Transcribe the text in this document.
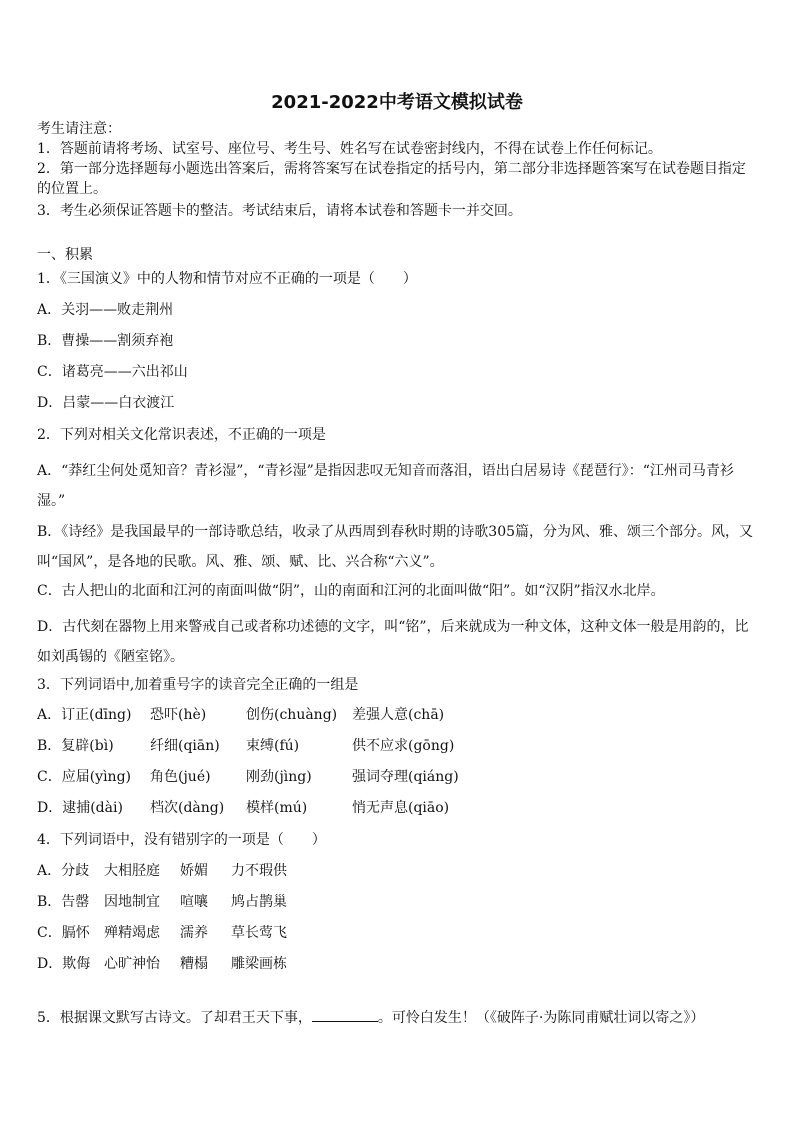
2021-2022中考语文模拟试卷
考生请注意：
1．答题前请将考场、试室号、座位号、考生号、姓名写在试卷密封线内，不得在试卷上作任何标记。
2．第一部分选择题每小题选出答案后，需将答案写在试卷指定的括号内，第二部分非选择题答案写在试卷题目指定的位置上。
3．考生必须保证答题卡的整洁。考试结束后，请将本试卷和答题卡一并交回。
一、积累
1．《三国演义》中的人物和情节对应不正确的一项是（　　）
A．关羽——败走荆州
B．曹操——割须弃袍
C．诸葛亮——六出祁山
D．吕蒙——白衣渡江
2．下列对相关文化常识表述，不正确的一项是
A．“莽红尘何处觅知音？青衫湿”，“青衫湿”是指因悲叹无知音而落泪，语出白居易诗《琵琶行》：“江州司马青衫湿。”
B．《诗经》是我国最早的一部诗歌总结，收录了从西周到春秋时期的诗歌305篇，分为风、雅、颂三个部分。风，又叫“国风”，是各地的民歌。风、雅、颂、赋、比、兴合称“六义”。
C．古人把山的北面和江河的南面叫做“阴”，山的南面和江河的北面叫做“阳”。如“汉阴”指汉水北岸。
D．古代刻在器物上用来警戒自己或者称功述德的文字，叫“铭”，后来就成为一种文体，这种文体一般是用韵的，比如刘禹锡的《陋室铭》。
3．下列词语中,加着重号字的读音完全正确的一组是
A．订正(dīng) 恐吓(hè)	创伤(chuàng) 差强人意(chā)
B．复辟(bì)	纤细(qiān) 束缚(fú)	供不应求(gōng)
C．应届(yìng) 角色(jué)	刚劲(jìng)	强词夺理(qiáng)
D．逮捕(dài) 档次(dàng) 模样(mú)	悄无声息(qiāo)
4．下列词语中，没有错别字的一项是（　　）
A．分歧 大相胫庭 娇媚 力不瑕供
B．告罄 因地制宜 喧嚷 鸠占鹊巢
C．膈怀 殚精竭虑 濡养 草长莺飞
D．欺侮 心旷神怡 糟榻 雕梁画栋
5．根据课文默写古诗文。了却君王天下事，	。可怜白发生！（《破阵子·为陈同甫赋壮词以寄之》）
